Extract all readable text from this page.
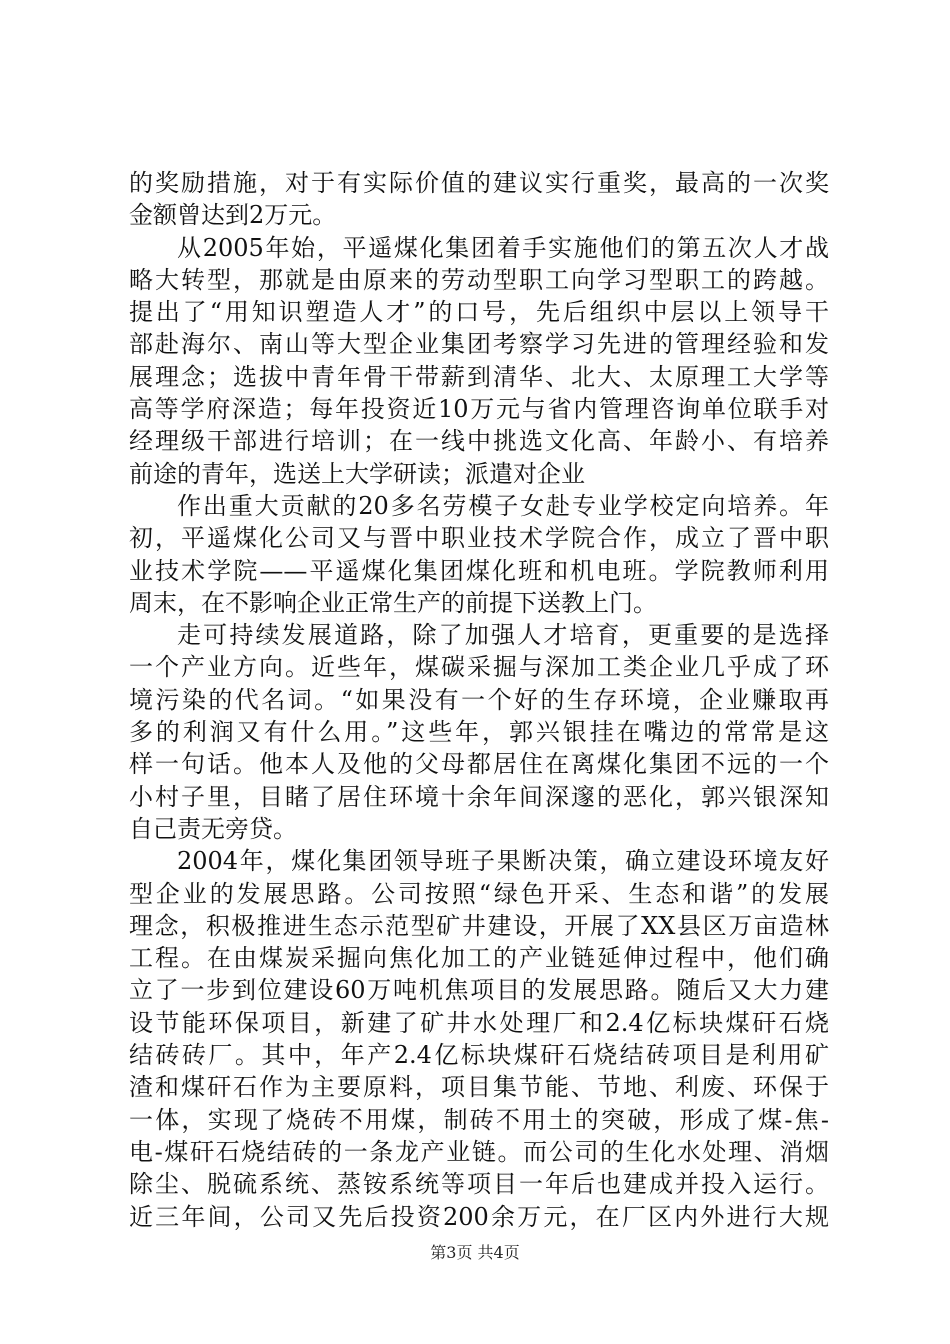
的奖励措施，对于有实际价值的建议实行重奖，最高的一次奖
金额曾达到2万元。
从2005年始，平遥煤化集团着手实施他们的第五次人才战
略大转型，那就是由原来的劳动型职工向学习型职工的跨越。
提出了“用知识塑造人才”的口号，先后组织中层以上领导干
部赴海尔、南山等大型企业集团考察学习先进的管理经验和发
展理念；选拔中青年骨干带薪到清华、北大、太原理工大学等
高等学府深造；每年投资近10万元与省内管理咨询单位联手对
经理级干部进行培训；在一线中挑选文化高、年龄小、有培养
前途的青年，选送上大学研读；派遣对企业
作出重大贡献的20多名劳模子女赴专业学校定向培养。年
初，平遥煤化公司又与晋中职业技术学院合作，成立了晋中职
业技术学院——平遥煤化集团煤化班和机电班。学院教师利用
周末，在不影响企业正常生产的前提下送教上门。
走可持续发展道路，除了加强人才培育，更重要的是选择
一个产业方向。近些年，煤碳采掘与深加工类企业几乎成了环
境污染的代名词。“如果没有一个好的生存环境，企业赚取再
多的利润又有什么用。”这些年，郭兴银挂在嘴边的常常是这
样一句话。他本人及他的父母都居住在离煤化集团不远的一个
小村子里，目睹了居住环境十余年间深邃的恶化，郭兴银深知
自己责无旁贷。
2004年，煤化集团领导班子果断决策，确立建设环境友好
型企业的发展思路。公司按照“绿色开采、生态和谐”的发展
理念，积极推进生态示范型矿井建设，开展了XX县区万亩造林
工程。在由煤炭采掘向焦化加工的产业链延伸过程中，他们确
立了一步到位建设60万吨机焦项目的发展思路。随后又大力建
设节能环保项目，新建了矿井水处理厂和2.4亿标块煤矸石烧
结砖砖厂。其中，年产2.4亿标块煤矸石烧结砖项目是利用矿
渣和煤矸石作为主要原料，项目集节能、节地、利废、环保于
一体，实现了烧砖不用煤，制砖不用土的突破，形成了煤-焦-
电-煤矸石烧结砖的一条龙产业链。而公司的生化水处理、消烟
除尘、脱硫系统、蒸铵系统等项目一年后也建成并投入运行。
近三年间，公司又先后投资200余万元，在厂区内外进行大规
第3页 共4页
